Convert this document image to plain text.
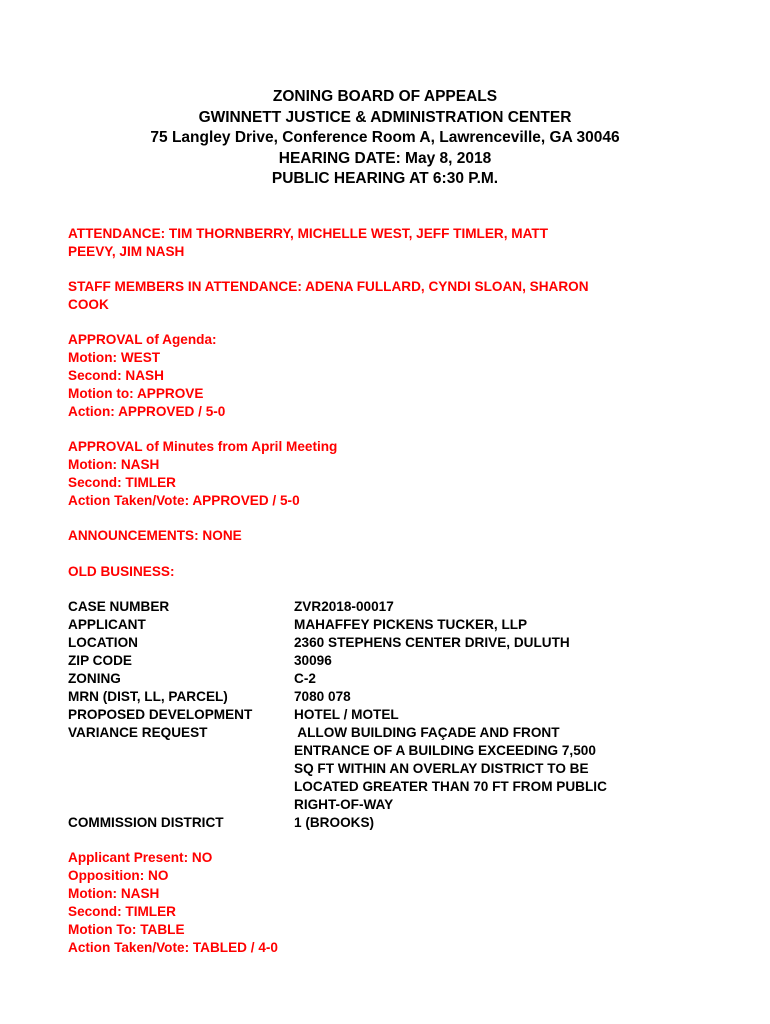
ZONING BOARD OF APPEALS
GWINNETT JUSTICE & ADMINISTRATION CENTER
75 Langley Drive, Conference Room A, Lawrenceville, GA 30046
HEARING DATE: May 8, 2018
PUBLIC HEARING AT 6:30 P.M.
ATTENDANCE: TIM THORNBERRY, MICHELLE WEST, JEFF TIMLER, MATT
PEEVY, JIM NASH
STAFF MEMBERS IN ATTENDANCE: ADENA FULLARD, CYNDI SLOAN, SHARON
COOK
APPROVAL of Agenda:
Motion: WEST
Second: NASH
Motion to: APPROVE
Action: APPROVED / 5-0
APPROVAL of Minutes from April Meeting
Motion: NASH
Second: TIMLER
Action Taken/Vote: APPROVED / 5-0
ANNOUNCEMENTS: NONE
OLD BUSINESS:
CASE NUMBER	ZVR2018-00017
APPLICANT	MAHAFFEY PICKENS TUCKER, LLP
LOCATION	2360 STEPHENS CENTER DRIVE, DULUTH
ZIP CODE	30096
ZONING	C-2
MRN (DIST, LL, PARCEL)	7080 078
PROPOSED DEVELOPMENT	HOTEL / MOTEL
VARIANCE REQUEST	ALLOW BUILDING FAÇADE AND FRONT
ENTRANCE OF A BUILDING EXCEEDING 7,500
SQ FT WITHIN AN OVERLAY DISTRICT TO BE
LOCATED GREATER THAN 70 FT FROM PUBLIC
RIGHT-OF-WAY
COMMISSION DISTRICT	1 (BROOKS)
Applicant Present: NO
Opposition: NO
Motion: NASH
Second: TIMLER
Motion To: TABLE
Action Taken/Vote: TABLED / 4-0
